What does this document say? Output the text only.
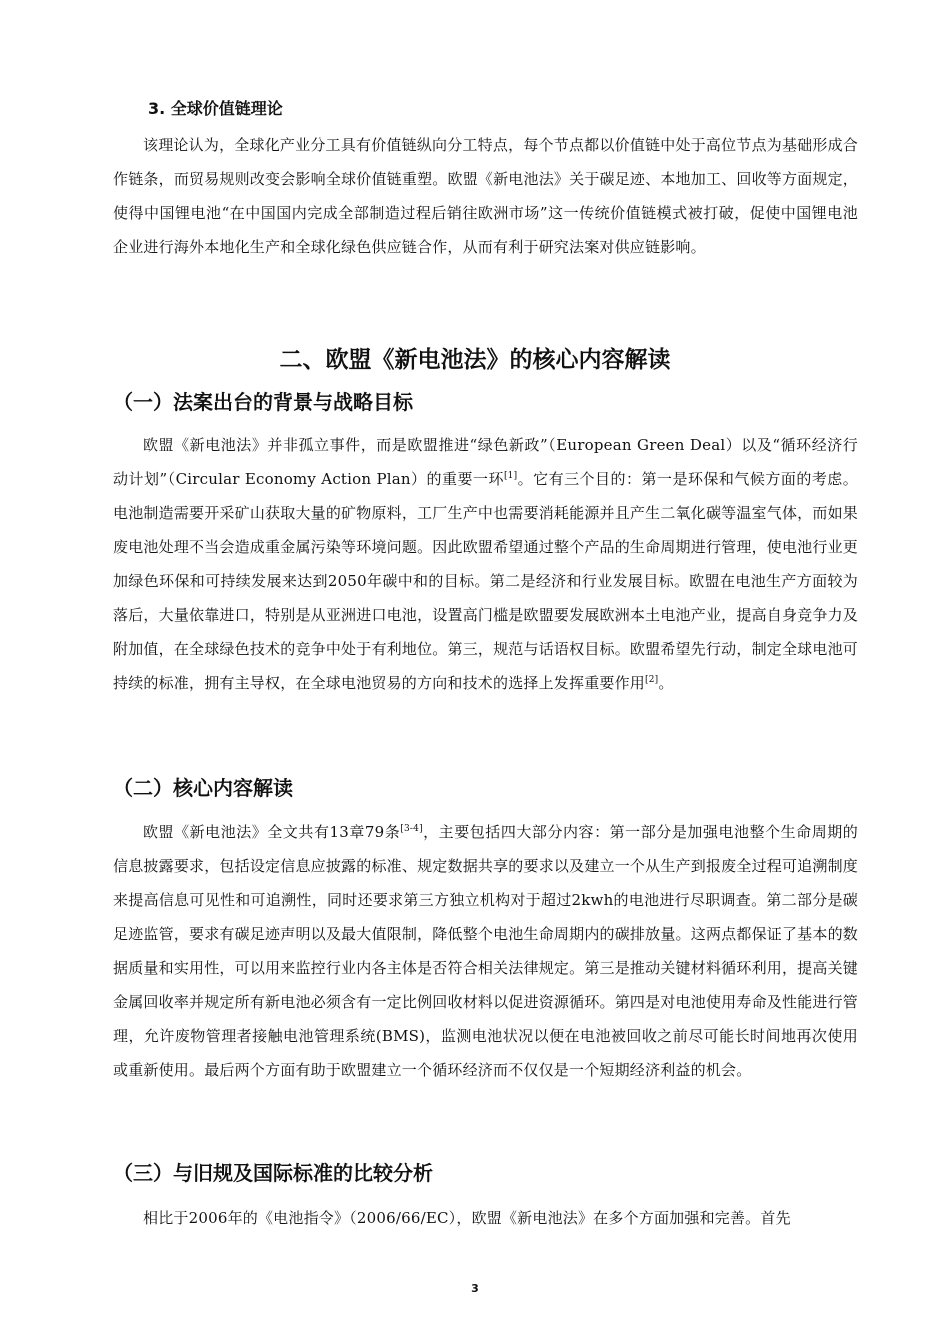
3. 全球价值链理论

该理论认为，全球化产业分工具有价值链纵向分工特点，每个节点都以价值链中处于高位节点为基础形成合作链条，而贸易规则改变会影响全球价值链重塑。欧盟《新电池法》关于碳足迹、本地加工、回收等方面规定，使得中国锂电池“在中国国内完成全部制造过程后销往欧洲市场”这一传统价值链模式被打破，促使中国锂电池企业进行海外本地化生产和全球化绿色供应链合作，从而有利于研究法案对供应链影响。

二、欧盟《新电池法》的核心内容解读
（一）法案出台的背景与战略目标

欧盟《新电池法》并非孤立事件，而是欧盟推进“绿色新政”（European Green Deal）以及“循环经济行动计划”（Circular Economy Action Plan）的重要一环[1]。它有三个目的：第一是环保和气候方面的考虑。电池制造需要开采矿山获取大量的矿物原料，工厂生产中也需要消耗能源并且产生二氧化碳等温室气体，而如果废电池处理不当会造成重金属污染等环境问题。因此欧盟希望通过整个产品的生命周期进行管理，使电池行业更加绿色环保和可持续发展来达到2050年碳中和的目标。第二是经济和行业发展目标。欧盟在电池生产方面较为落后，大量依靠进口，特别是从亚洲进口电池，设置高门槛是欧盟要发展欧洲本土电池产业，提高自身竞争力及附加值，在全球绿色技术的竞争中处于有利地位。第三，规范与话语权目标。欧盟希望先行动，制定全球电池可持续的标准，拥有主导权，在全球电池贸易的方向和技术的选择上发挥重要作用[2]。

（二）核心内容解读

欧盟《新电池法》全文共有13章79条[3-4]，主要包括四大部分内容：第一部分是加强电池整个生命周期的信息披露要求，包括设定信息应披露的标准、规定数据共享的要求以及建立一个从生产到报废全过程可追溯制度来提高信息可见性和可追溯性，同时还要求第三方独立机构对于超过2kwh的电池进行尽职调查。第二部分是碳足迹监管，要求有碳足迹声明以及最大值限制，降低整个电池生命周期内的碳排放量。这两点都保证了基本的数据质量和实用性，可以用来监控行业内各主体是否符合相关法律规定。第三是推动关键材料循环利用，提高关键金属回收率并规定所有新电池必须含有一定比例回收材料以促进资源循环。第四是对电池使用寿命及性能进行管理，允许废物管理者接触电池管理系统(BMS)，监测电池状况以便在电池被回收之前尽可能长时间地再次使用或重新使用。最后两个方面有助于欧盟建立一个循环经济而不仅仅是一个短期经济利益的机会。

（三）与旧规及国际标准的比较分析

相比于2006年的《电池指令》（2006/66/EC），欧盟《新电池法》在多个方面加强和完善。首先

3
